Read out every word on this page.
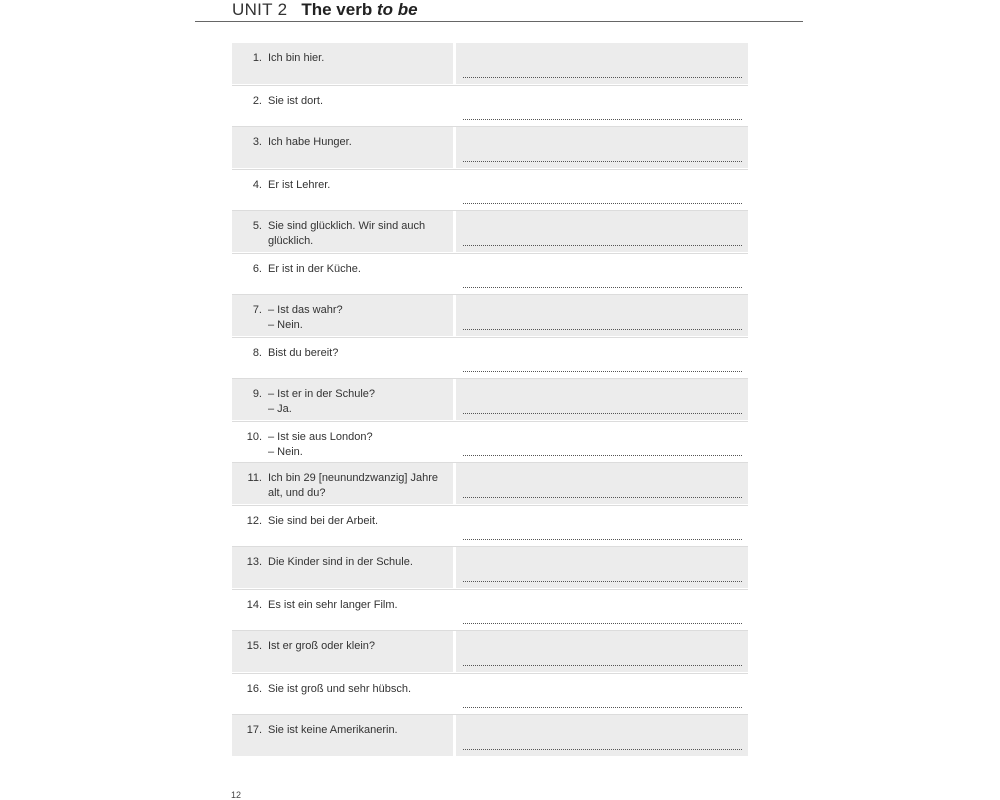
UNIT 2 The verb to be
1. Ich bin hier.
2. Sie ist dort.
3. Ich habe Hunger.
4. Er ist Lehrer.
5. Sie sind glücklich. Wir sind auch
glücklich.
6. Er ist in der Küche.
7. – Ist das wahr?
– Nein.
8. Bist du bereit?
9. – Ist er in der Schule?
– Ja.
10. – Ist sie aus London?
– Nein.
11. Ich bin 29 [neunundzwanzig] Jahre
alt, und du?
12. Sie sind bei der Arbeit.
13. Die Kinder sind in der Schule.
14. Es ist ein sehr langer Film.
15. Ist er groß oder klein?
16. Sie ist groß und sehr hübsch.
17. Sie ist keine Amerikanerin.
12
